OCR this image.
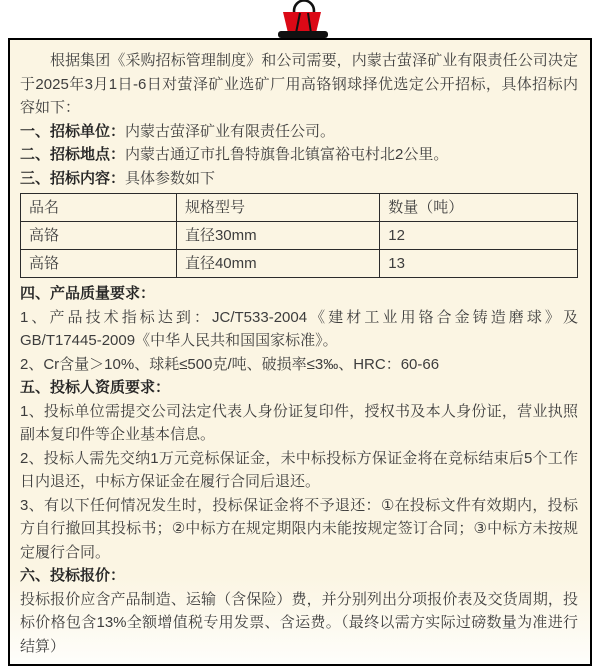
根据集团《采购招标管理制度》和公司需要，内蒙古萤泽矿业有限责任公司决定于2025年3月1日-6日对萤泽矿业选矿厂用高铬钢球择优选定公开招标，具体招标内容如下：

一、招标单位：内蒙古萤泽矿业有限责任公司。

二、招标地点：内蒙古通辽市扎鲁特旗鲁北镇富裕屯村北2公里。

三、招标内容：具体参数如下

品名	规格型号	数量（吨）
高铬	直径30mm	12
高铬	直径40mm	13

四、产品质量要求：

1、产品技术指标达到：JC/T533-2004《建材工业用铬合金铸造磨球》及GB/T17445-2009《中华人民共和国国家标准》。

2、Cr含量＞10%、球耗≤500克/吨、破损率≤3‰、HRC：60-66

五、投标人资质要求：

1、投标单位需提交公司法定代表人身份证复印件，授权书及本人身份证，营业执照副本复印件等企业基本信息。

2、投标人需先交纳1万元竞标保证金，未中标投标方保证金将在竞标结束后5个工作日内退还，中标方保证金在履行合同后退还。

3、有以下任何情况发生时，投标保证金将不予退还：①在投标文件有效期内，投标方自行撤回其投标书；②中标方在规定期限内未能按规定签订合同；③中标方未按规定履行合同。

六、投标报价：

投标报价应含产品制造、运输（含保险）费，并分别列出分项报价表及交货周期，投标价格包含13%全额增值税专用发票、含运费。（最终以需方实际过磅数量为准进行结算）
